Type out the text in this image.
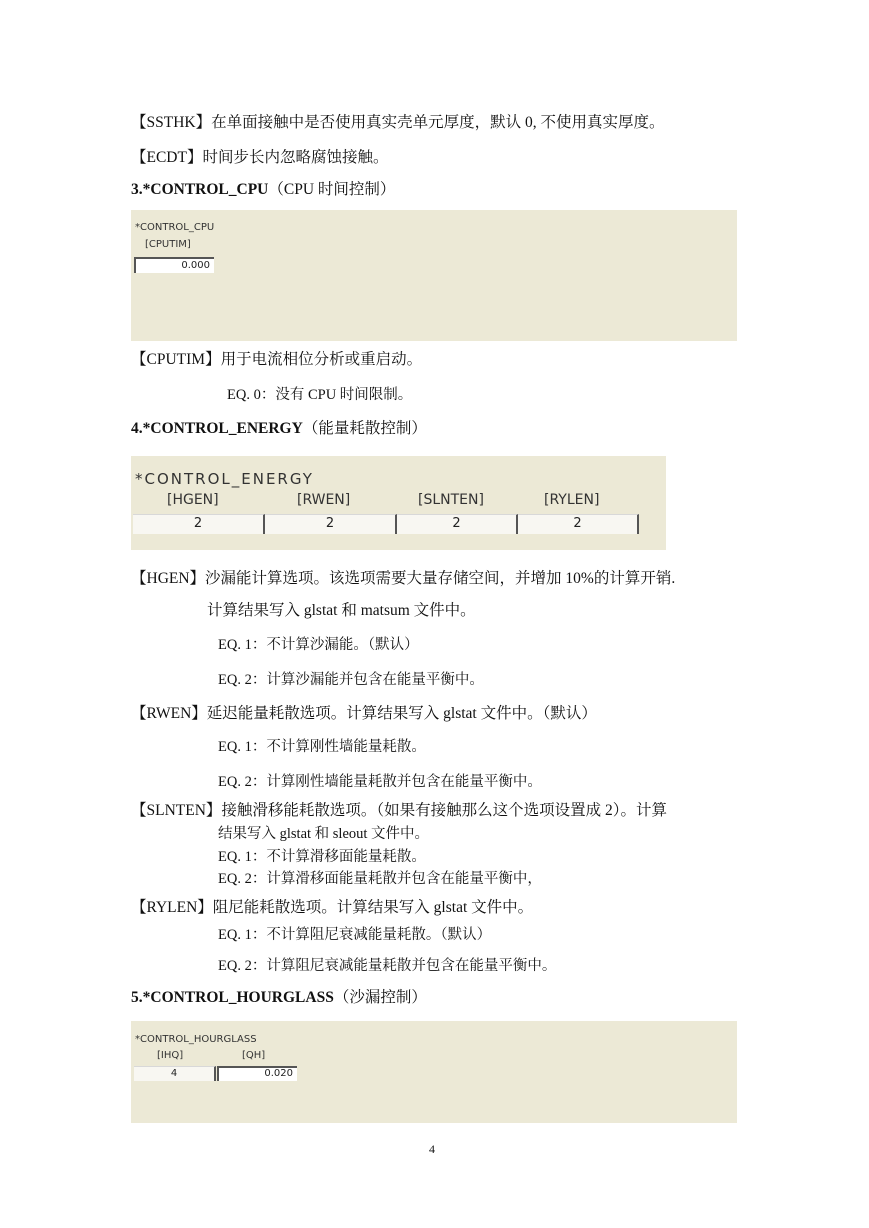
【SSTHK】在单面接触中是否使用真实壳单元厚度，默认 0, 不使用真实厚度。
【ECDT】时间步长内忽略腐蚀接触。
3.*CONTROL_CPU（CPU 时间控制）
*CONTROL_CPU
[CPUTIM]
0.000
【CPUTIM】用于电流相位分析或重启动。
EQ. 0：没有 CPU 时间限制。
4.*CONTROL_ENERGY（能量耗散控制）
*CONTROL_ENERGY
[HGEN]	[RWEN]	[SLNTEN]	[RYLEN]
2	2	2	2
【HGEN】沙漏能计算选项。该选项需要大量存储空间，并增加 10%的计算开销.
计算结果写入 glstat 和 matsum 文件中。
EQ. 1：不计算沙漏能。（默认）
EQ. 2：计算沙漏能并包含在能量平衡中。
【RWEN】延迟能量耗散选项。计算结果写入 glstat 文件中。（默认）
EQ. 1：不计算刚性墙能量耗散。
EQ. 2：计算刚性墙能量耗散并包含在能量平衡中。
【SLNTEN】接触滑移能耗散选项。（如果有接触那么这个选项设置成 2）。计算
结果写入 glstat 和 sleout 文件中。
EQ. 1：不计算滑移面能量耗散。
EQ. 2：计算滑移面能量耗散并包含在能量平衡中，
【RYLEN】阻尼能耗散选项。计算结果写入 glstat 文件中。
EQ. 1：不计算阻尼衰减能量耗散。（默认）
EQ. 2：计算阻尼衰减能量耗散并包含在能量平衡中。
5.*CONTROL_HOURGLASS（沙漏控制）
*CONTROL_HOURGLASS
[IHQ]	[QH]
4	0.020
4
